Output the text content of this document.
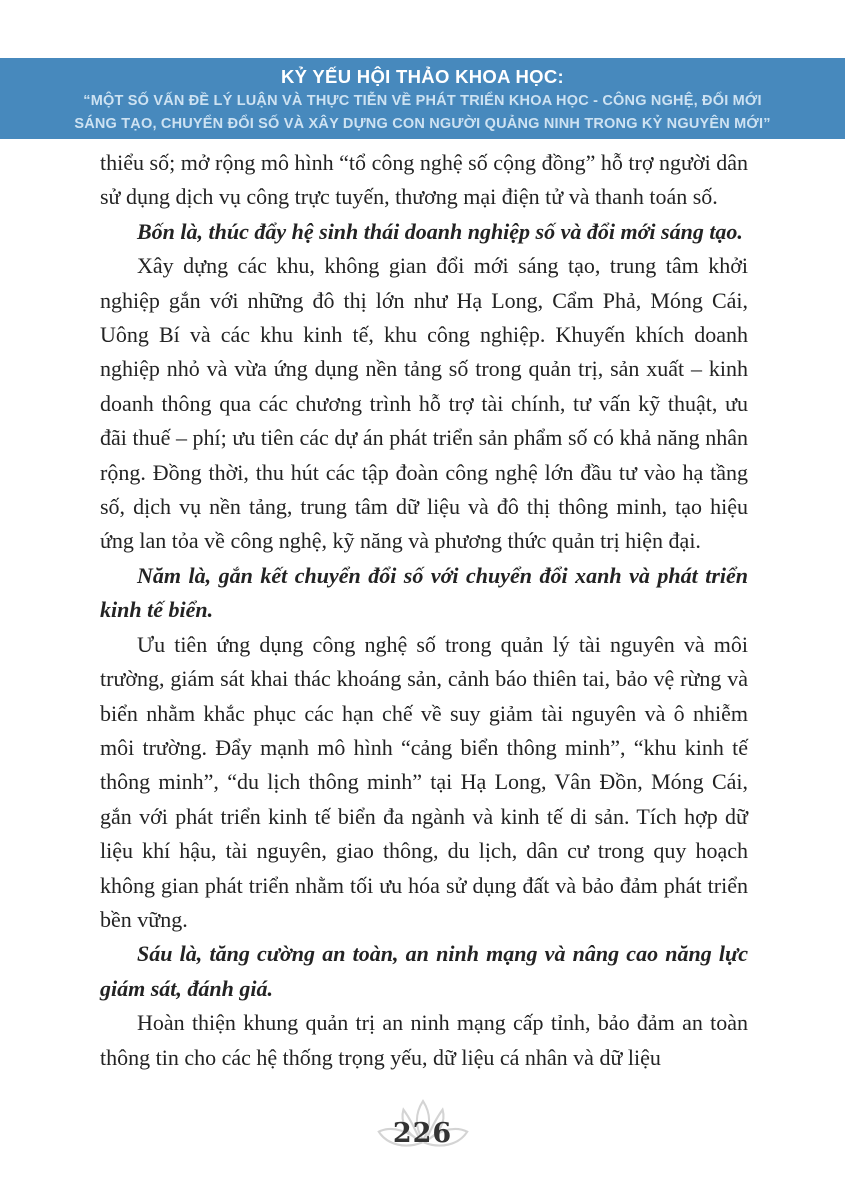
KỶ YẾU HỘI THẢO KHOA HỌC:
“MỘT SỐ VẤN ĐỀ LÝ LUẬN VÀ THỰC TIỄN VỀ PHÁT TRIỂN KHOA HỌC - CÔNG NGHỆ, ĐỔI MỚI
SÁNG TẠO, CHUYỂN ĐỔI SỐ VÀ XÂY DỰNG CON NGƯỜI QUẢNG NINH TRONG KỶ NGUYÊN MỚI”

thiểu số; mở rộng mô hình “tổ công nghệ số cộng đồng” hỗ trợ người dân sử dụng dịch vụ công trực tuyến, thương mại điện tử và thanh toán số.

Bốn là, thúc đẩy hệ sinh thái doanh nghiệp số và đổi mới sáng tạo.

Xây dựng các khu, không gian đổi mới sáng tạo, trung tâm khởi nghiệp gắn với những đô thị lớn như Hạ Long, Cẩm Phả, Móng Cái, Uông Bí và các khu kinh tế, khu công nghiệp. Khuyến khích doanh nghiệp nhỏ và vừa ứng dụng nền tảng số trong quản trị, sản xuất – kinh doanh thông qua các chương trình hỗ trợ tài chính, tư vấn kỹ thuật, ưu đãi thuế – phí; ưu tiên các dự án phát triển sản phẩm số có khả năng nhân rộng. Đồng thời, thu hút các tập đoàn công nghệ lớn đầu tư vào hạ tầng số, dịch vụ nền tảng, trung tâm dữ liệu và đô thị thông minh, tạo hiệu ứng lan tỏa về công nghệ, kỹ năng và phương thức quản trị hiện đại.

Năm là, gắn kết chuyển đổi số với chuyển đổi xanh và phát triển kinh tế biển.

Ưu tiên ứng dụng công nghệ số trong quản lý tài nguyên và môi trường, giám sát khai thác khoáng sản, cảnh báo thiên tai, bảo vệ rừng và biển nhằm khắc phục các hạn chế về suy giảm tài nguyên và ô nhiễm môi trường. Đẩy mạnh mô hình “cảng biển thông minh”, “khu kinh tế thông minh”, “du lịch thông minh” tại Hạ Long, Vân Đồn, Móng Cái, gắn với phát triển kinh tế biển đa ngành và kinh tế di sản. Tích hợp dữ liệu khí hậu, tài nguyên, giao thông, du lịch, dân cư trong quy hoạch không gian phát triển nhằm tối ưu hóa sử dụng đất và bảo đảm phát triển bền vững.

Sáu là, tăng cường an toàn, an ninh mạng và nâng cao năng lực giám sát, đánh giá.

Hoàn thiện khung quản trị an ninh mạng cấp tỉnh, bảo đảm an toàn thông tin cho các hệ thống trọng yếu, dữ liệu cá nhân và dữ liệu

226
